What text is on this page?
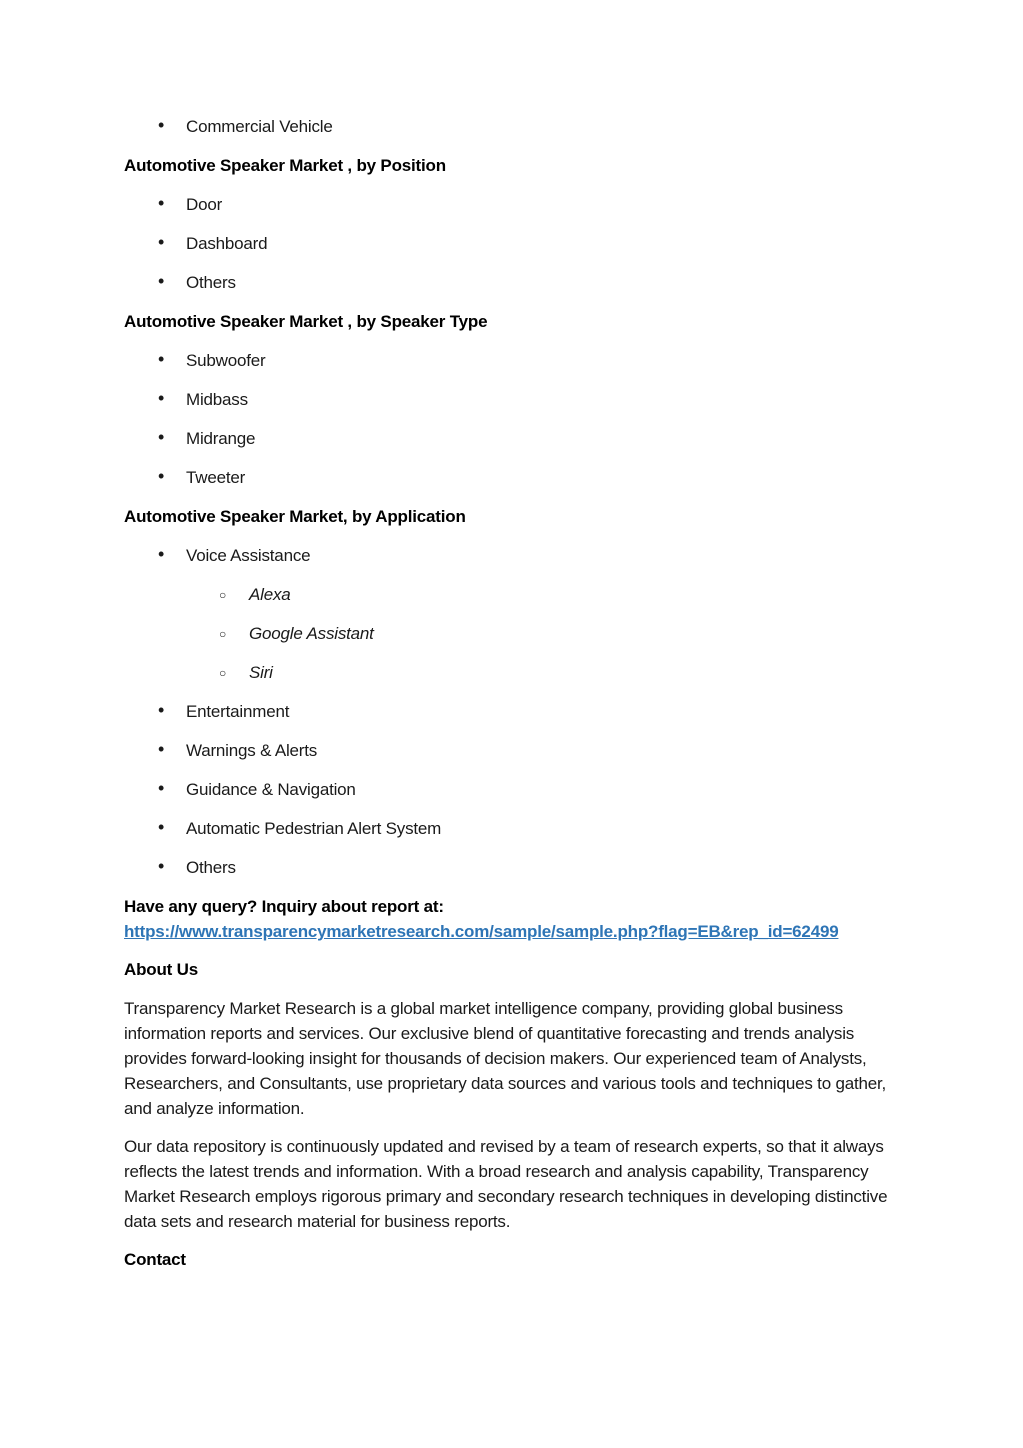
• Commercial Vehicle
Automotive Speaker Market , by Position
• Door
• Dashboard
• Others
Automotive Speaker Market , by Speaker Type
• Subwoofer
• Midbass
• Midrange
• Tweeter
Automotive Speaker Market, by Application
• Voice Assistance
○ Alexa
○ Google Assistant
○ Siri
• Entertainment
• Warnings & Alerts
• Guidance & Navigation
• Automatic Pedestrian Alert System
• Others
Have any query? Inquiry about report at:
https://www.transparencymarketresearch.com/sample/sample.php?flag=EB&rep_id=62499
About Us
Transparency Market Research is a global market intelligence company, providing global business information reports and services. Our exclusive blend of quantitative forecasting and trends analysis provides forward-looking insight for thousands of decision makers. Our experienced team of Analysts, Researchers, and Consultants, use proprietary data sources and various tools and techniques to gather, and analyze information.
Our data repository is continuously updated and revised by a team of research experts, so that it always reflects the latest trends and information. With a broad research and analysis capability, Transparency Market Research employs rigorous primary and secondary research techniques in developing distinctive data sets and research material for business reports.
Contact
